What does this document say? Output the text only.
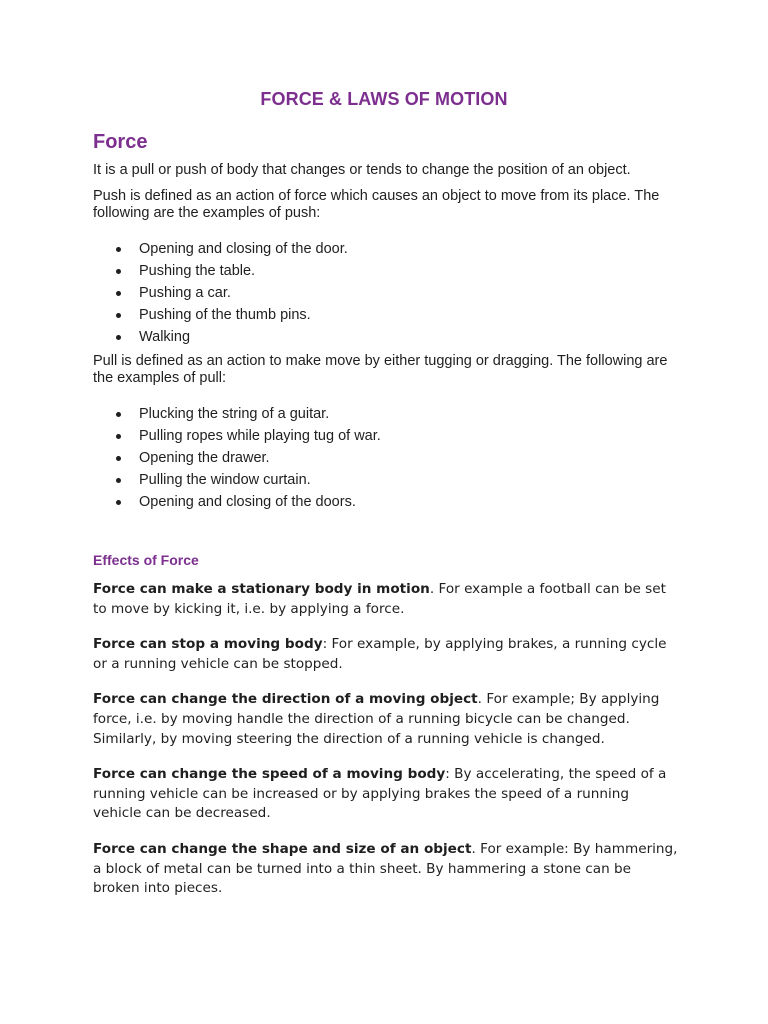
FORCE & LAWS OF MOTION
Force

It is a pull or push of body that changes or tends to change the position of an object.

Push is defined as an action of force which causes an object to move from its place. The following are the examples of push:

Opening and closing of the door.
Pushing the table.
Pushing a car.
Pushing of the thumb pins.
Walking

Pull is defined as an action to make move by either tugging or dragging. The following are the examples of pull:

Plucking the string of a guitar.
Pulling ropes while playing tug of war.
Opening the drawer.
Pulling the window curtain.
Opening and closing of the doors.
Effects of Force

Force can make a stationary body in motion. For example a football can be set to move by kicking it, i.e. by applying a force.

Force can stop a moving body: For example, by applying brakes, a running cycle or a running vehicle can be stopped.

Force can change the direction of a moving object. For example; By applying force, i.e. by moving handle the direction of a running bicycle can be changed. Similarly, by moving steering the direction of a running vehicle is changed.

Force can change the speed of a moving body: By accelerating, the speed of a running vehicle can be increased or by applying brakes the speed of a running vehicle can be decreased.

Force can change the shape and size of an object. For example: By hammering, a block of metal can be turned into a thin sheet. By hammering a stone can be broken into pieces.
